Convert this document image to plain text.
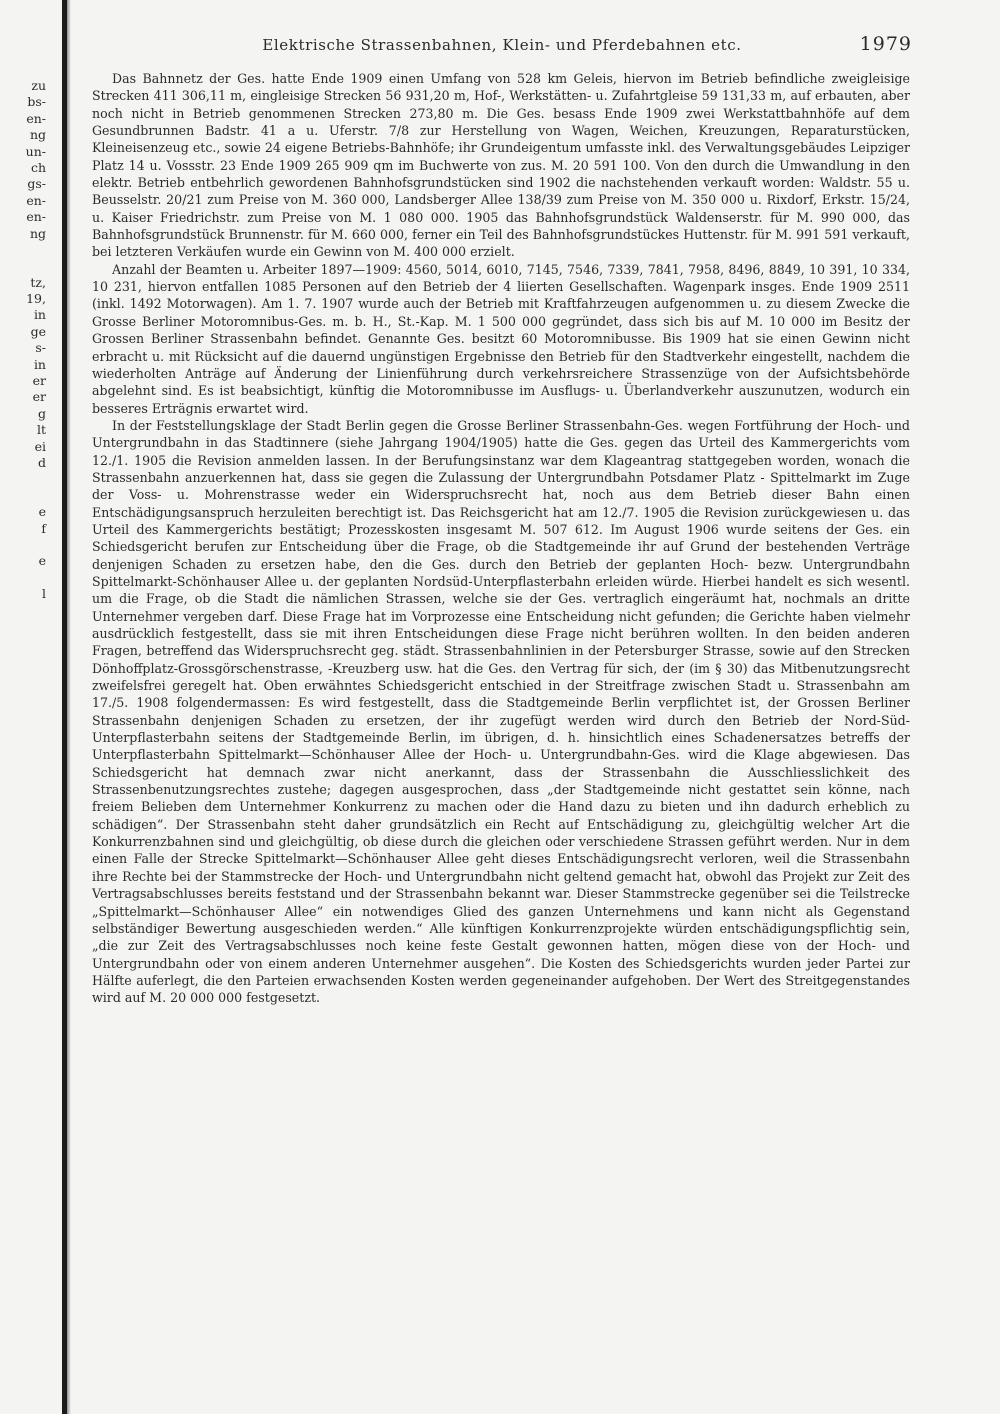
zu
bs-
en-
ng
un-
ch
gs-
en-
en-
ng
tz,
19,
in
ge
s-
in
er
er
g
lt
ei
d
e
f
e
l
Elektrische Strassenbahnen, Klein- und Pferdebahnen etc.	1979

Das Bahnnetz der Ges. hatte Ende 1909 einen Umfang von 528 km Geleis, hiervon im Betrieb befindliche zweigleisige Strecken 411 306,11 m, eingleisige Strecken 56 931,20 m, Hof-, Werkstätten- u. Zufahrtgleise 59 131,33 m, auf erbauten, aber noch nicht in Betrieb genommenen Strecken 273,80 m. Die Ges. besass Ende 1909 zwei Werkstattbahnhöfe auf dem Gesundbrunnen Badstr. 41 a u. Uferstr. 7/8 zur Herstellung von Wagen, Weichen, Kreuzungen, Reparaturstücken, Kleineisenzeug etc., sowie 24 eigene Betriebs-Bahnhöfe; ihr Grundeigentum umfasste inkl. des Verwaltungsgebäudes Leipziger Platz 14 u. Vossstr. 23 Ende 1909 265 909 qm im Buchwerte von zus. M. 20 591 100. Von den durch die Umwandlung in den elektr. Betrieb entbehrlich gewordenen Bahnhofsgrundstücken sind 1902 die nachstehenden verkauft worden: Waldstr. 55 u. Beusselstr. 20/21 zum Preise von M. 360 000, Landsberger Allee 138/39 zum Preise von M. 350 000 u. Rixdorf, Erkstr. 15/24, u. Kaiser Friedrichstr. zum Preise von M. 1 080 000. 1905 das Bahnhofsgrundstück Waldenserstr. für M. 990 000, das Bahnhofsgrundstück Brunnenstr. für M. 660 000, ferner ein Teil des Bahnhofsgrundstückes Huttenstr. für M. 991 591 verkauft, bei letzteren Verkäufen wurde ein Gewinn von M. 400 000 erzielt.

Anzahl der Beamten u. Arbeiter 1897—1909: 4560, 5014, 6010, 7145, 7546, 7339, 7841, 7958, 8496, 8849, 10 391, 10 334, 10 231, hiervon entfallen 1085 Personen auf den Betrieb der 4 liierten Gesellschaften. Wagenpark insges. Ende 1909 2511 (inkl. 1492 Motorwagen). Am 1. 7. 1907 wurde auch der Betrieb mit Kraftfahrzeugen aufgenommen u. zu diesem Zwecke die Grosse Berliner Motoromnibus-Ges. m. b. H., St.-Kap. M. 1 500 000 gegründet, dass sich bis auf M. 10 000 im Besitz der Grossen Berliner Strassenbahn befindet. Genannte Ges. besitzt 60 Motoromnibusse. Bis 1909 hat sie einen Gewinn nicht erbracht u. mit Rücksicht auf die dauernd ungünstigen Ergebnisse den Betrieb für den Stadtverkehr eingestellt, nachdem die wiederholten Anträge auf Änderung der Linienführung durch verkehrsreichere Strassenzüge von der Aufsichtsbehörde abgelehnt sind. Es ist beabsichtigt, künftig die Motoromnibusse im Ausflugs- u. Überlandverkehr auszunutzen, wodurch ein besseres Erträgnis erwartet wird.

In der Feststellungsklage der Stadt Berlin gegen die Grosse Berliner Strassenbahn-Ges. wegen Fortführung der Hoch- und Untergrundbahn in das Stadtinnere (siehe Jahrgang 1904/1905) hatte die Ges. gegen das Urteil des Kammergerichts vom 12./1. 1905 die Revision anmelden lassen. In der Berufungsinstanz war dem Klageantrag stattgegeben worden, wonach die Strassenbahn anzuerkennen hat, dass sie gegen die Zulassung der Untergrundbahn Potsdamer Platz - Spittelmarkt im Zuge der Voss- u. Mohrenstrasse weder ein Widerspruchsrecht hat, noch aus dem Betrieb dieser Bahn einen Entschädigungsanspruch herzuleiten berechtigt ist. Das Reichsgericht hat am 12./7. 1905 die Revision zurückgewiesen u. das Urteil des Kammergerichts bestätigt; Prozesskosten insgesamt M. 507 612. Im August 1906 wurde seitens der Ges. ein Schiedsgericht berufen zur Entscheidung über die Frage, ob die Stadtgemeinde ihr auf Grund der bestehenden Verträge denjenigen Schaden zu ersetzen habe, den die Ges. durch den Betrieb der geplanten Hoch- bezw. Untergrundbahn Spittelmarkt-Schönhauser Allee u. der geplanten Nordsüd-Unterpflasterbahn erleiden würde. Hierbei handelt es sich wesentl. um die Frage, ob die Stadt die nämlichen Strassen, welche sie der Ges. vertraglich eingeräumt hat, nochmals an dritte Unternehmer vergeben darf. Diese Frage hat im Vorprozesse eine Entscheidung nicht gefunden; die Gerichte haben vielmehr ausdrücklich festgestellt, dass sie mit ihren Entscheidungen diese Frage nicht berühren wollten. In den beiden anderen Fragen, betreffend das Widerspruchsrecht geg. städt. Strassenbahnlinien in der Petersburger Strasse, sowie auf den Strecken Dönhoffplatz-Grossgörschenstrasse, -Kreuzberg usw. hat die Ges. den Vertrag für sich, der (im § 30) das Mitbenutzungsrecht zweifelsfrei geregelt hat. Oben erwähntes Schiedsgericht entschied in der Streitfrage zwischen Stadt u. Strassenbahn am 17./5. 1908 folgendermassen: Es wird festgestellt, dass die Stadtgemeinde Berlin verpflichtet ist, der Grossen Berliner Strassenbahn denjenigen Schaden zu ersetzen, der ihr zugefügt werden wird durch den Betrieb der Nord-Süd-Unterpflasterbahn seitens der Stadtgemeinde Berlin, im übrigen, d. h. hinsichtlich eines Schadenersatzes betreffs der Unterpflasterbahn Spittelmarkt—Schönhauser Allee der Hoch- u. Untergrundbahn-Ges. wird die Klage abgewiesen. Das Schiedsgericht hat demnach zwar nicht anerkannt, dass der Strassenbahn die Ausschliesslichkeit des Strassenbenutzungsrechtes zustehe; dagegen ausgesprochen, dass „der Stadtgemeinde nicht gestattet sein könne, nach freiem Belieben dem Unternehmer Konkurrenz zu machen oder die Hand dazu zu bieten und ihn dadurch erheblich zu schädigen“. Der Strassenbahn steht daher grundsätzlich ein Recht auf Entschädigung zu, gleichgültig welcher Art die Konkurrenzbahnen sind und gleichgültig, ob diese durch die gleichen oder verschiedene Strassen geführt werden. Nur in dem einen Falle der Strecke Spittelmarkt—Schönhauser Allee geht dieses Entschädigungsrecht verloren, weil die Strassenbahn ihre Rechte bei der Stammstrecke der Hoch- und Untergrundbahn nicht geltend gemacht hat, obwohl das Projekt zur Zeit des Vertragsabschlusses bereits feststand und der Strassenbahn bekannt war. Dieser Stammstrecke gegenüber sei die Teilstrecke „Spittelmarkt—Schönhauser Allee“ ein notwendiges Glied des ganzen Unternehmens und kann nicht als Gegenstand selbständiger Bewertung ausgeschieden werden.“ Alle künftigen Konkurrenzprojekte würden entschädigungspflichtig sein, „die zur Zeit des Vertragsabschlusses noch keine feste Gestalt gewonnen hatten, mögen diese von der Hoch- und Untergrundbahn oder von einem anderen Unternehmer ausgehen“. Die Kosten des Schiedsgerichts wurden jeder Partei zur Hälfte auferlegt, die den Parteien erwachsenden Kosten werden gegeneinander aufgehoben. Der Wert des Streitgegenstandes wird auf M. 20 000 000 festgesetzt.
